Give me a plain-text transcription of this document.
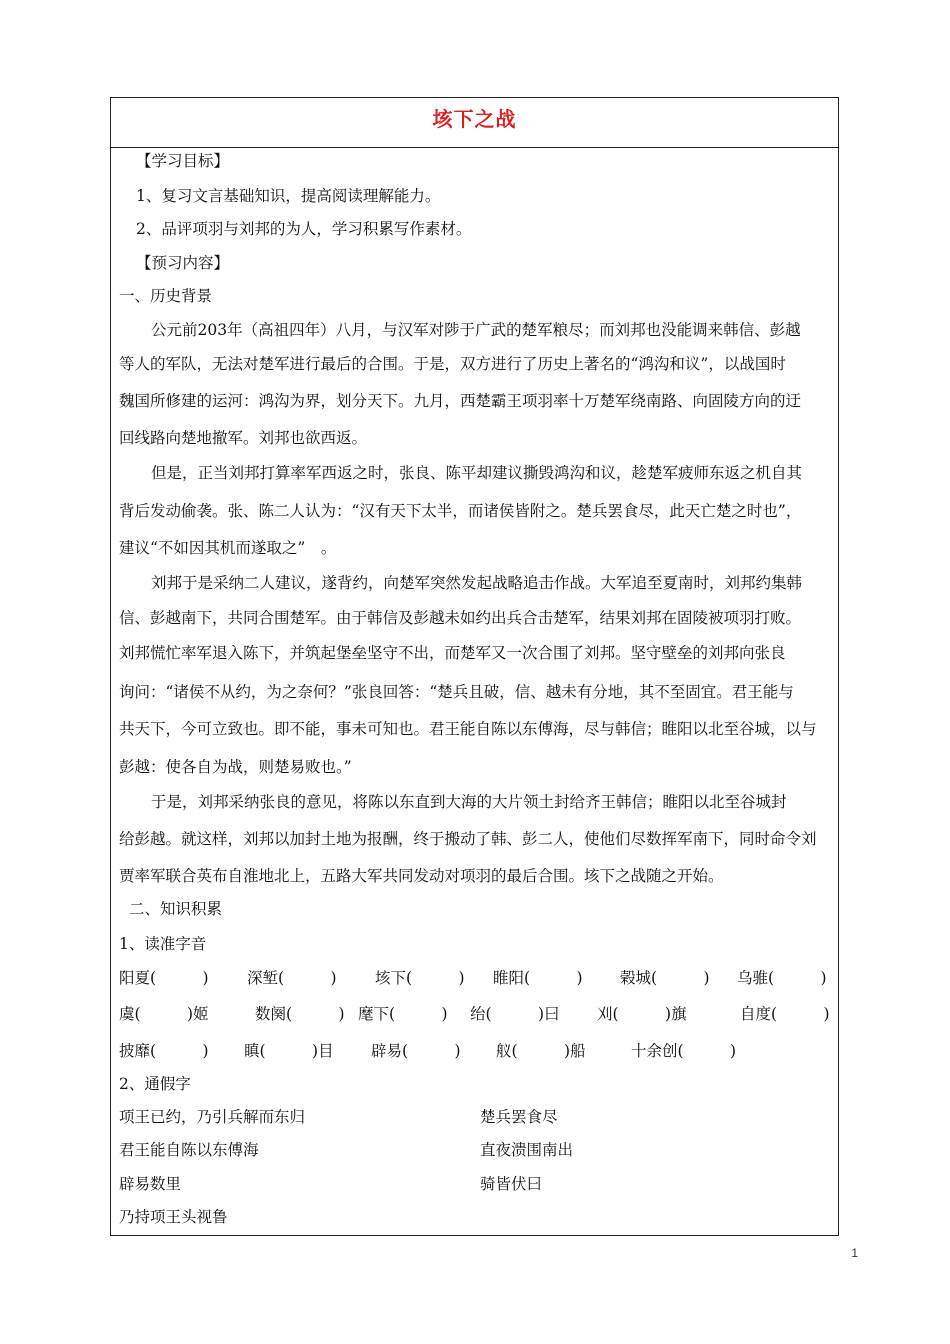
垓下之战
【学习目标】
1、复习文言基础知识，提高阅读理解能力。
2、品评项羽与刘邦的为人，学习积累写作素材。
【预习内容】
一、历史背景
公元前203年（高祖四年）八月，与汉军对陟于广武的楚军粮尽；而刘邦也没能调来韩信、彭越
等人的军队，无法对楚军进行最后的合围。于是，双方进行了历史上著名的“鸿沟和议”，以战国时
魏国所修建的运河：鸿沟为界，划分天下。九月，西楚霸王项羽率十万楚军绕南路、向固陵方向的迂
回线路向楚地撤军。刘邦也欲西返。
但是，正当刘邦打算率军西返之时，张良、陈平却建议撕毁鸿沟和议，趁楚军疲师东返之机自其
背后发动偷袭。张、陈二人认为：“汉有天下太半，而诸侯皆附之。楚兵罢食尽，此天亡楚之时也”，
建议“不如因其机而遂取之”　。
刘邦于是采纳二人建议，遂背约，向楚军突然发起战略追击作战。大军追至夏南时，刘邦约集韩
信、彭越南下，共同合围楚军。由于韩信及彭越未如约出兵合击楚军，结果刘邦在固陵被项羽打败。
刘邦慌忙率军退入陈下，并筑起堡垒坚守不出，而楚军又一次合围了刘邦。坚守壁垒的刘邦向张良
询问：“诸侯不从约，为之奈何？”张良回答：“楚兵且破，信、越未有分地，其不至固宜。君王能与
共天下，今可立致也。即不能，事未可知也。君王能自陈以东傅海，尽与韩信；睢阳以北至谷城，以与
彭越：使各自为战，则楚易败也。”
于是，刘邦采纳张良的意见，将陈以东直到大海的大片领土封给齐王韩信；睢阳以北至谷城封
给彭越。就这样，刘邦以加封土地为报酬，终于搬动了韩、彭二人，使他们尽数挥军南下，同时命令刘
贾率军联合英布自淮地北上，五路大军共同发动对项羽的最后合围。垓下之战随之开始。
二、知识积累
1、读准字音
阳夏(　　　) 深堑(　　　) 垓下(　　　) 睢阳(　　　) 榖城(　　　) 乌骓(　　　)
虞(　　　)姬	数阕(　　　) 麾下(　　　) 绐(　　　)曰 刈(　　　)旗	自度(　　　)
披靡(　　　) 瞋(　　　)目 辟易(　　　) 舣(　　　)船	十余创(　　　)
2、通假字
项王已约，乃引兵解而东归	楚兵罢食尽
君王能自陈以东傅海	直夜溃围南出
辟易数里	骑皆伏曰
乃持项王头视鲁
1
